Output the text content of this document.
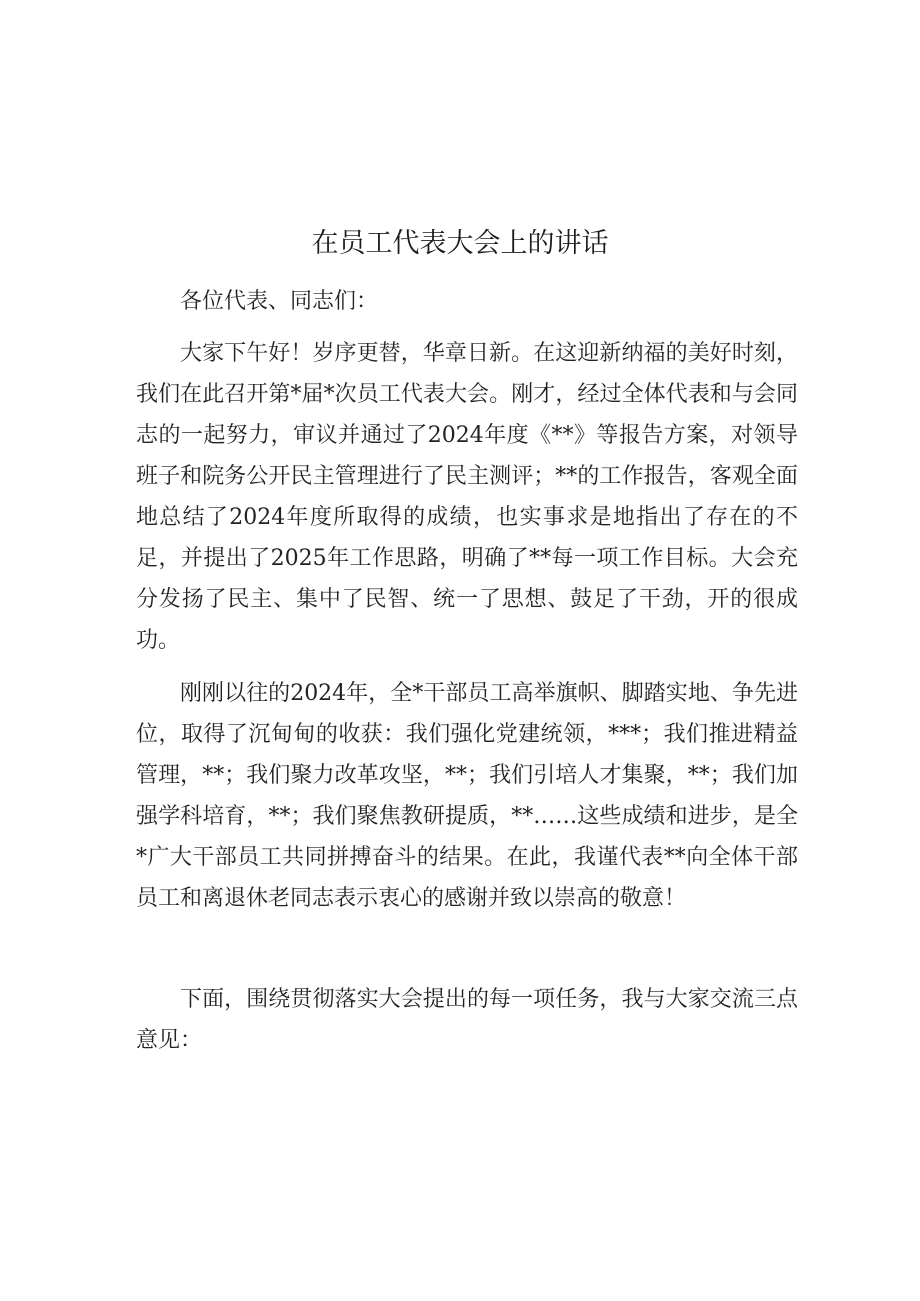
在员工代表大会上的讲话

各位代表、同志们：

大家下午好！岁序更替，华章日新。在这迎新纳福的美好时刻，我们在此召开第*届*次员工代表大会。刚才，经过全体代表和与会同志的一起努力，审议并通过了2024年度《**》等报告方案，对领导班子和院务公开民主管理进行了民主测评；**的工作报告，客观全面地总结了2024年度所取得的成绩，也实事求是地指出了存在的不足，并提出了2025年工作思路，明确了**每一项工作目标。大会充分发扬了民主、集中了民智、统一了思想、鼓足了干劲，开的很成功。

刚刚以往的2024年，全*干部员工高举旗帜、脚踏实地、争先进位，取得了沉甸甸的收获：我们强化党建统领，***；我们推进精益管理，**；我们聚力改革攻坚，**；我们引培人才集聚，**；我们加强学科培育，**；我们聚焦教研提质，**……这些成绩和进步，是全*广大干部员工共同拼搏奋斗的结果。在此，我谨代表**向全体干部员工和离退休老同志表示衷心的感谢并致以崇高的敬意！

下面，围绕贯彻落实大会提出的每一项任务，我与大家交流三点意见：
